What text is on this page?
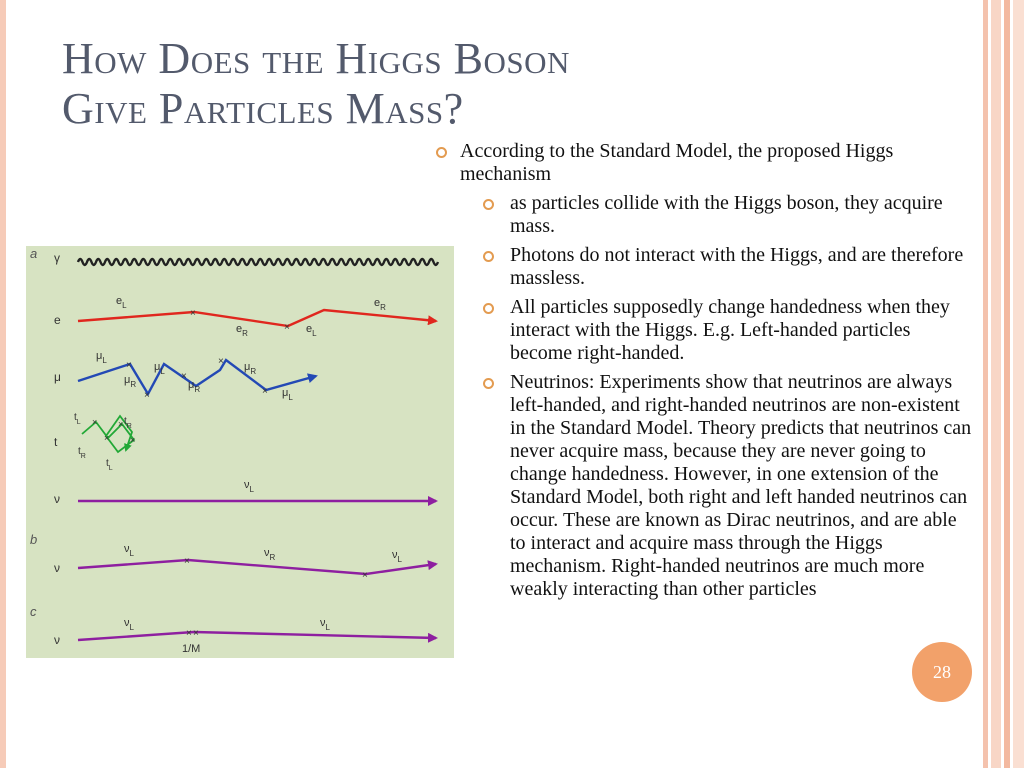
How Does the Higgs Boson
Give Particles Mass?
a
b
c
γ
e
μ
t
ν
ν
ν
×
×
$e_L$
$e_R$	$e_L$
$e_R$
×
×
×
×
×
$\mu_L$
$\mu_R$
$\mu_L$
$\mu_R$
$\mu_R$
$\mu_L$
×
×
×
×
$t_L$	$t_R$
$t_R$
$t_L$
$\nu_L$
×
×
$\nu_L$	$\nu_R$	$\nu_L$
× ×
$\nu_L$	$\nu_L$
1/M
According to the Standard Model, the proposed Higgs mechanism
as particles collide with the Higgs boson, they acquire mass.
Photons do not interact with the Higgs, and are therefore massless.
All particles supposedly change handedness when they interact with the Higgs. E.g. Left-handed particles become right-handed.
Neutrinos: Experiments show that neutrinos are always left-handed, and right-handed neutrinos are non-existent in the Standard Model. Theory predicts that neutrinos can never acquire mass, because they are never going to change handedness. However, in one extension of the Standard Model, both right and left handed neutrinos can occur. These are known as Dirac neutrinos, and are able to interact and acquire mass through the Higgs mechanism. Right-handed neutrinos are much more weakly interacting than other particles
28
